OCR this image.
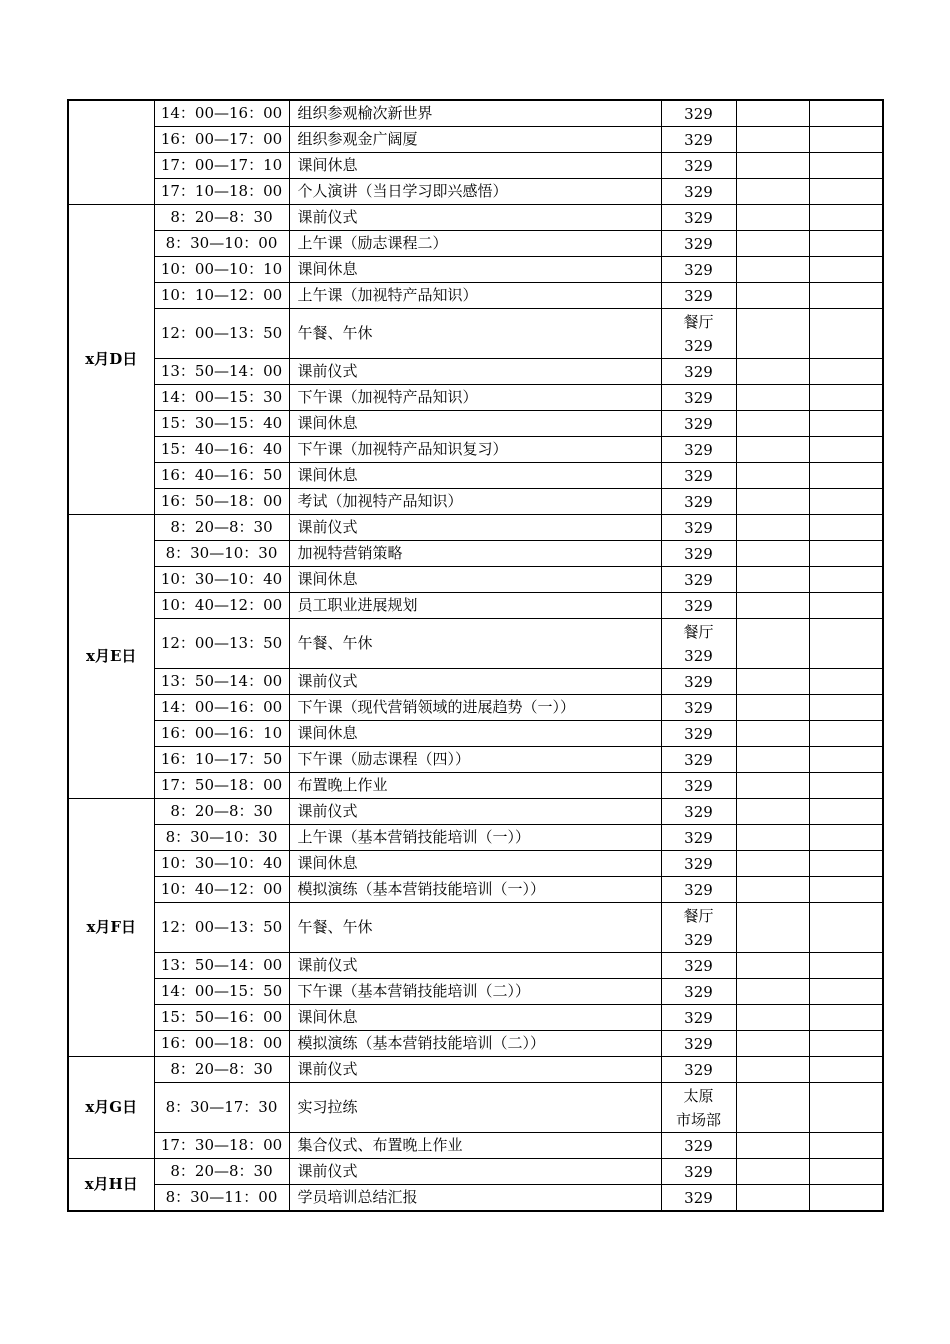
	14：00—16：00	组织参观榆次新世界	329		

	16：00—17：00	组织参观金广阔厦	329		

	17：00—17：10	课间休息	329		

	17：10—18：00	个人演讲（当日学习即兴感悟）	329		

x月D日	8：20—8：30	课前仪式	329		

	8：30—10：00	上午课（励志课程二）	329		

	10：00—10：10	课间休息	329		

	10：10—12：00	上午课（加视特产品知识）	329		

	12：00—13：50	午餐、午休	餐厅
329		

	13：50—14：00	课前仪式	329		

	14：00—15：30	下午课（加视特产品知识）	329		

	15：30—15：40	课间休息	329		

	15：40—16：40	下午课（加视特产品知识复习）	329		

	16：40—16：50	课间休息	329		

	16：50—18：00	考试（加视特产品知识）	329		

x月E日	8：20—8：30	课前仪式	329		

	8：30—10：30	加视特营销策略	329		

	10：30—10：40	课间休息	329		

	10：40—12：00	员工职业进展规划	329		

	12：00—13：50	午餐、午休	餐厅
329		

	13：50—14：00	课前仪式	329		

	14：00—16：00	下午课（现代营销领域的进展趋势（一））	329		

	16：00—16：10	课间休息	329		

	16：10—17：50	下午课（励志课程（四））	329		

	17：50—18：00	布置晚上作业	329		

x月F日	8：20—8：30	课前仪式	329		

	8：30—10：30	上午课（基本营销技能培训（一））	329		

	10：30—10：40	课间休息	329		

	10：40—12：00	模拟演练（基本营销技能培训（一））	329		

	12：00—13：50	午餐、午休	餐厅
329		

	13：50—14：00	课前仪式	329		

	14：00—15：50	下午课（基本营销技能培训（二））	329		

	15：50—16：00	课间休息	329		

	16：00—18：00	模拟演练（基本营销技能培训（二））	329		

x月G日	8：20—8：30	课前仪式	329		

	8：30—17：30	实习拉练	太原
市场部		

	17：30—18：00	集合仪式、布置晚上作业	329		

x月H日	8：20—8：30	课前仪式	329		

	8：30—11：00	学员培训总结汇报	329		
